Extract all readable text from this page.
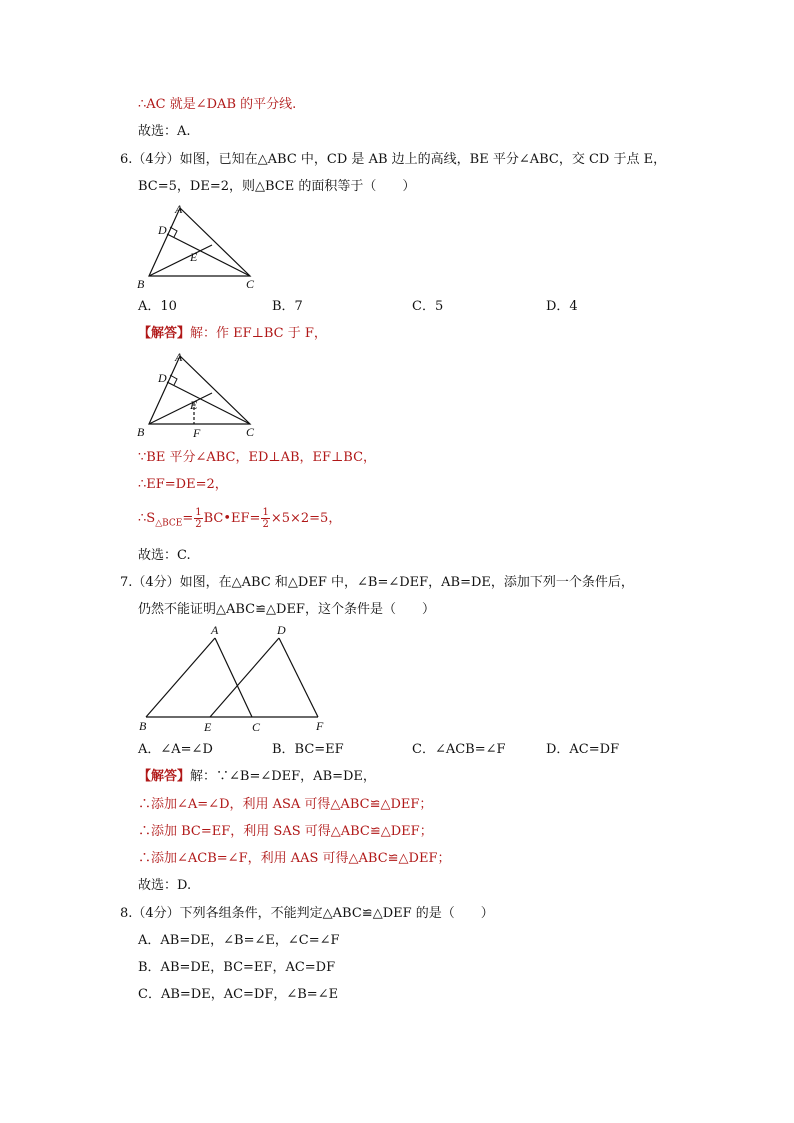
∴AC 就是∠DAB 的平分线.
故选：A.
6.（4分）如图，已知在△ABC 中，CD 是 AB 边上的高线，BE 平分∠ABC，交 CD 于点 E，
BC=5，DE=2，则△BCE 的面积等于（　　）
A
D
E
B	C
A．10	B．7	C．5	D．4
【解答】解：作 EF⊥BC 于 F，
A
D
E
B	F	C
∵BE 平分∠ABC，ED⊥AB，EF⊥BC，
∴EF=DE=2，
$\therefore S_{\triangle BCE}= \frac{1}{2}$ BC•EF= $\frac{1}{2} \times 5\times 2=5$，
故选：C.
7.（4分）如图，在△ABC 和△DEF 中，∠B=∠DEF，AB=DE，添加下列一个条件后，
仍然不能证明△ABC≌△DEF，这个条件是（　　）
A	D
B	E	C	F
A．∠A=∠D	B．BC=EF	C．∠ACB=∠F	D．AC=DF
【解答】解：∵∠B=∠DEF，AB=DE，
∴添加∠A=∠D，利用 ASA 可得△ABC≌△DEF；
∴添加 BC=EF，利用 SAS 可得△ABC≌△DEF；
∴添加∠ACB=∠F，利用 AAS 可得△ABC≌△DEF；
故选：D.
8.（4分）下列各组条件，不能判定△ABC≌△DEF 的是（　　）
A．AB=DE，∠B=∠E，∠C=∠F
B．AB=DE，BC=EF，AC=DF
C．AB=DE，AC=DF，∠B=∠E
